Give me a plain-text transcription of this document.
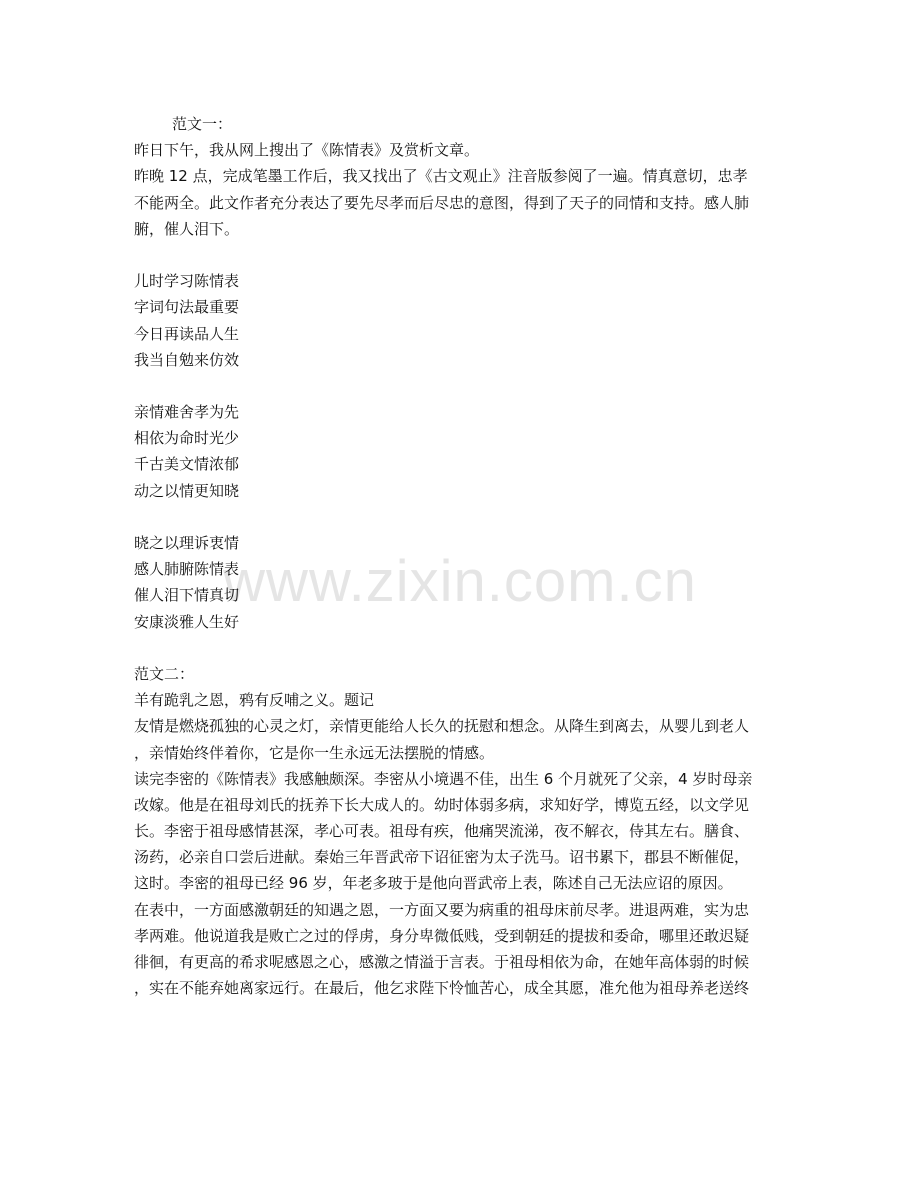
www.zixin.com.cn

范文一：

昨日下午，我从网上搜出了《陈情表》及赏析文章。

昨晚 12 点，完成笔墨工作后，我又找出了《古文观止》注音版参阅了一遍。情真意切，忠孝

不能两全。此文作者充分表达了要先尽孝而后尽忠的意图，得到了天子的同情和支持。感人肺

腑，催人泪下。

儿时学习陈情表

字词句法最重要

今日再读品人生

我当自勉来仿效

亲情难舍孝为先

相依为命时光少

千古美文情浓郁

动之以情更知晓

晓之以理诉衷情

感人肺腑陈情表

催人泪下情真切

安康淡雅人生好

范文二：

羊有跪乳之恩，鸦有反哺之义。题记

友情是燃烧孤独的心灵之灯，亲情更能给人长久的抚慰和想念。从降生到离去，从婴儿到老人

，亲情始终伴着你，它是你一生永远无法摆脱的情感。

读完李密的《陈情表》我感触颇深。李密从小境遇不佳，出生 6 个月就死了父亲，4 岁时母亲

改嫁。他是在祖母刘氏的抚养下长大成人的。幼时体弱多病，求知好学，博览五经，以文学见

长。李密于祖母感情甚深，孝心可表。祖母有疾，他痛哭流涕，夜不解衣，侍其左右。膳食、

汤药，必亲自口尝后进献。秦始三年晋武帝下诏征密为太子洗马。诏书累下，郡县不断催促，

这时。李密的祖母已经 96 岁，年老多玻于是他向晋武帝上表，陈述自己无法应诏的原因。

在表中，一方面感激朝廷的知遇之恩，一方面又要为病重的祖母床前尽孝。进退两难，实为忠

孝两难。他说道我是败亡之过的俘虏，身分卑微低贱，受到朝廷的提拔和委命，哪里还敢迟疑

徘徊，有更高的希求呢感恩之心，感激之情溢于言表。于祖母相依为命，在她年高体弱的时候

，实在不能弃她离家远行。在最后，他乞求陛下怜恤苦心，成全其愿，准允他为祖母养老送终
